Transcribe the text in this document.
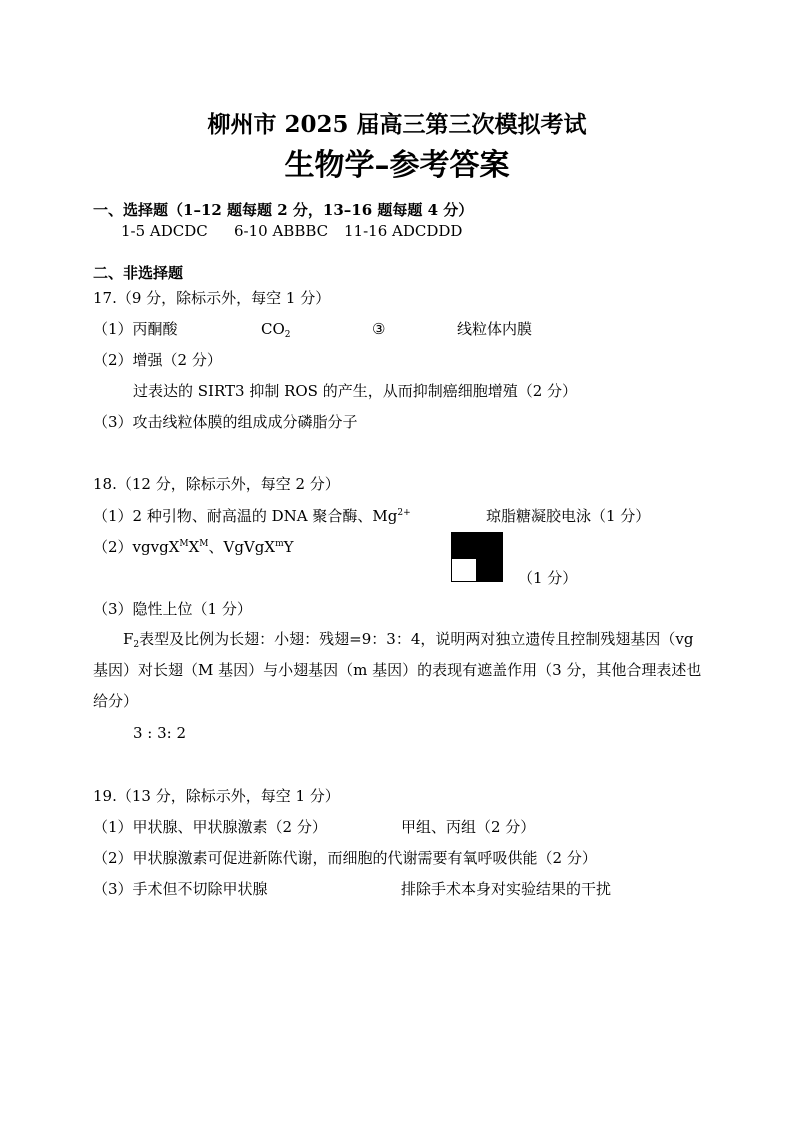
柳州市 2025 届高三第三次模拟考试
生物学–参考答案
一、选择题（1–12 题每题 2 分，13–16 题每题 4 分）
1-5 ADCDC 6-10 ABBBC 11-16 ADCDDD
二、非选择题
17.（9 分，除标示外，每空 1 分）
（1）丙酮酸	$CO_2$	③	线粒体内膜
（2）增强（2 分）
过表达的 SIRT3 抑制 ROS 的产生，从而抑制癌细胞增殖（2 分）
（3）攻击线粒体膜的组成成分磷脂分子
18.（12 分，除标示外，每空 2 分）
（1）2 种引物、耐高温的 DNA 聚合酶、$Mg^{2+}$	琼脂糖凝胶电泳（1 分）
$(2)vgvgX^MX^M$、VgVgX$^m$Y
（1 分）
（3）隐性上位（1 分）
$F_2$表型及比例为长翅：小翅：残翅=9：3：4，说明两对独立遗传且控制残翅基因（vg 基因）对长翅（M 基因）与小翅基因（m 基因）的表现有遮盖作用（3 分，其他合理表述也给分）
3 : 3: 2
19.（13 分，除标示外，每空 1 分）
（1）甲状腺、甲状腺激素（2 分）	甲组、丙组（2 分）
（2）甲状腺激素可促进新陈代谢，而细胞的代谢需要有氧呼吸供能（2 分）
（3）手术但不切除甲状腺	排除手术本身对实验结果的干扰
